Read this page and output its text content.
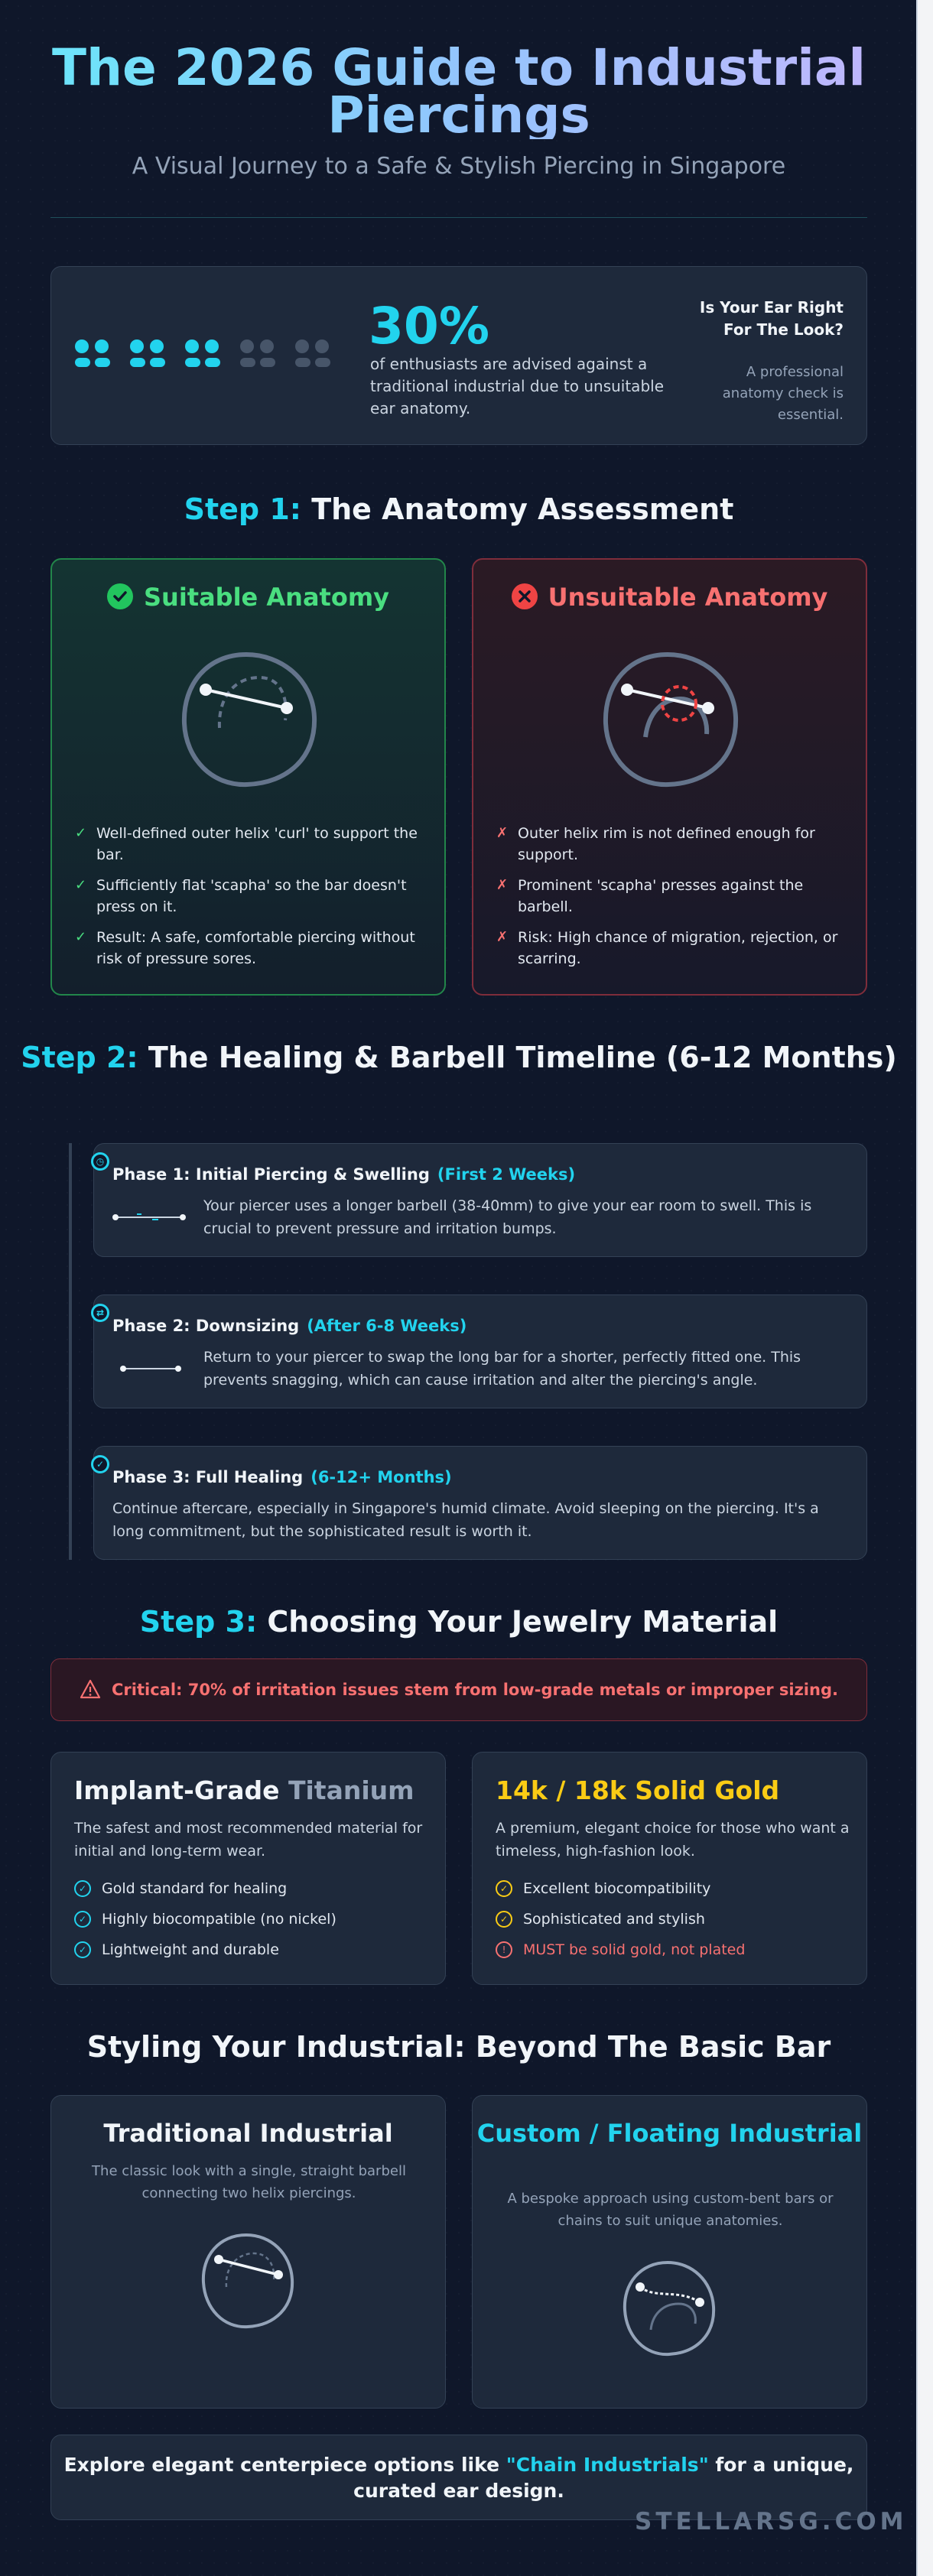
The 2026 Guide to Industrial Piercings
A Visual Journey to a Safe & Stylish Piercing in Singapore
30%
of enthusiasts are advised against a traditional industrial due to unsuitable ear anatomy.
Is Your Ear Right For The Look?
A professional anatomy check is essential.
Step 1: The Anatomy Assessment
Suitable Anatomy
✓ Well-defined outer helix 'curl' to support the bar.
✓ Sufficiently flat 'scapha' so the bar doesn't press on it.
✓ Result: A safe, comfortable piercing without risk of pressure sores.
Unsuitable Anatomy
✗ Outer helix rim is not defined enough for support.
✗ Prominent 'scapha' presses against the barbell.
✗ Risk: High chance of migration, rejection, or scarring.
Step 2: The Healing & Barbell Timeline (6-12 Months)
Phase 1: Initial Piercing & Swelling (First 2 Weeks)
Your piercer uses a longer barbell (38-40mm) to give your ear room to swell. This is crucial to prevent pressure and irritation bumps.
◷
Phase 2: Downsizing (After 6-8 Weeks)
Return to your piercer to swap the long bar for a shorter, perfectly fitted one. This prevents snagging, which can cause irritation and alter the piercing's angle.
⇄
Phase 3: Full Healing (6-12+ Months)
Continue aftercare, especially in Singapore's humid climate. Avoid sleeping on the piercing. It's a long commitment, but the sophisticated result is worth it.
✓
Step 3: Choosing Your Jewelry Material
Critical: 70% of irritation issues stem from low-grade metals or improper sizing.
Implant-Grade Titanium
The safest and most recommended material for initial and long-term wear.
✓	Gold standard for healing
✓	Highly biocompatible (no nickel)
✓	Lightweight and durable
14k / 18k Solid Gold
A premium, elegant choice for those who want a timeless, high-fashion look.
✓	Excellent biocompatibility
✓	Sophisticated and stylish
!	MUST be solid gold, not plated
Styling Your Industrial: Beyond The Basic Bar
Traditional Industrial
The classic look with a single, straight barbell connecting two helix piercings.
Custom / Floating Industrial
A bespoke approach using custom-bent bars or chains to suit unique anatomies.
Explore elegant centerpiece options like "Chain Industrials" for a unique, curated ear design.
STELLARSG.COM
